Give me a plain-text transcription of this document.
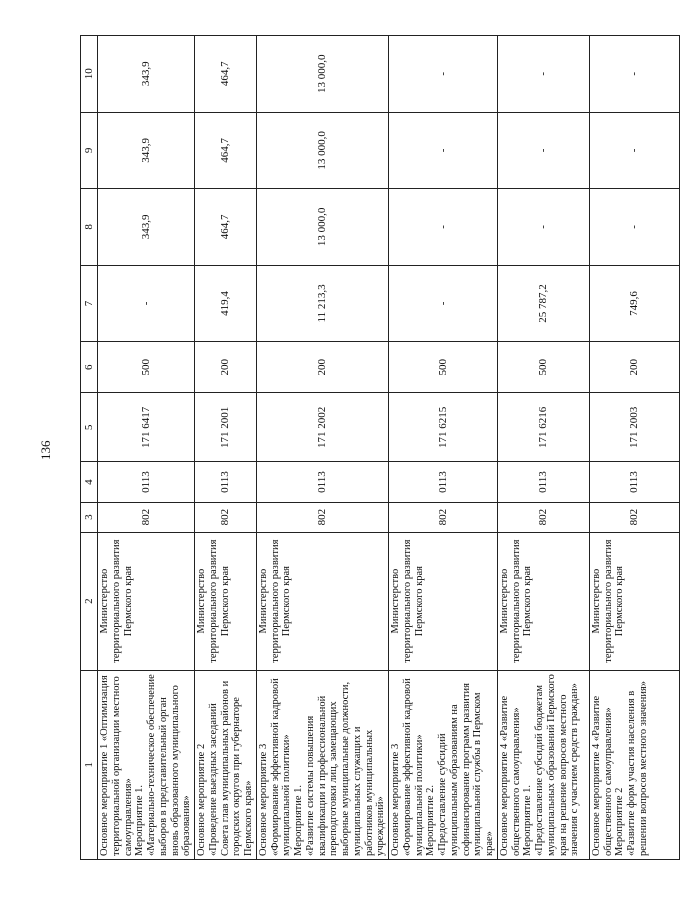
136
1	2	3	4	5	6	7	8	9	10

Основное мероприятие 1 «Оптимизация территориальной организации местного самоуправления» Мероприятие 1. «Материально-техническое обеспечение выборов в представительный орган вновь образованного муниципального образования»	Министерство территориального развития Пермского края	802	0113	171 6417	500	-	343,9	343,9	343,9

Основное мероприятие 2 «Проведение выездных заседаний Совета глав муниципальных районов и городских округов при губернаторе Пермского края»	Министерство территориального развития Пермского края	802	0113	171 2001	200	419,4	464,7	464,7	464,7

Основное мероприятие 3 «Формирование эффективной кадровой муниципальной политики» Мероприятие 1. «Развитие системы повышения квалификации и профессиональной переподготовки лиц, замещающих выборные муниципальные должности, муниципальных служащих и работников муниципальных учреждений»	Министерство территориального развития Пермского края	802	0113	171 2002	200	11 213,3	13 000,0	13 000,0	13 000,0

Основное мероприятие 3 «Формирование эффективной кадровой муниципальной политики» Мероприятие 2. «Предоставление субсидий муниципальным образованиям на софинансирование программ развития муниципальной службы в Пермском крае»	Министерство территориального развития Пермского края	802	0113	171 6215	500	-	-	-	-

Основное мероприятие 4 «Развитие общественного самоуправления» Мероприятие 1. «Предоставление субсидий бюджетам муниципальных образований Пермского края на решение вопросов местного значения с участием средств граждан»	Министерство территориального развития Пермского края	802	0113	171 6216	500	25 787,2	-	-	-

Основное мероприятие 4 «Развитие общественного самоуправления» Мероприятие 2 «Развитие форм участия населения в решении вопросов местного значения»	Министерство территориального развития Пермского края	802	0113	171 2003	200	749,6	-	-	-
